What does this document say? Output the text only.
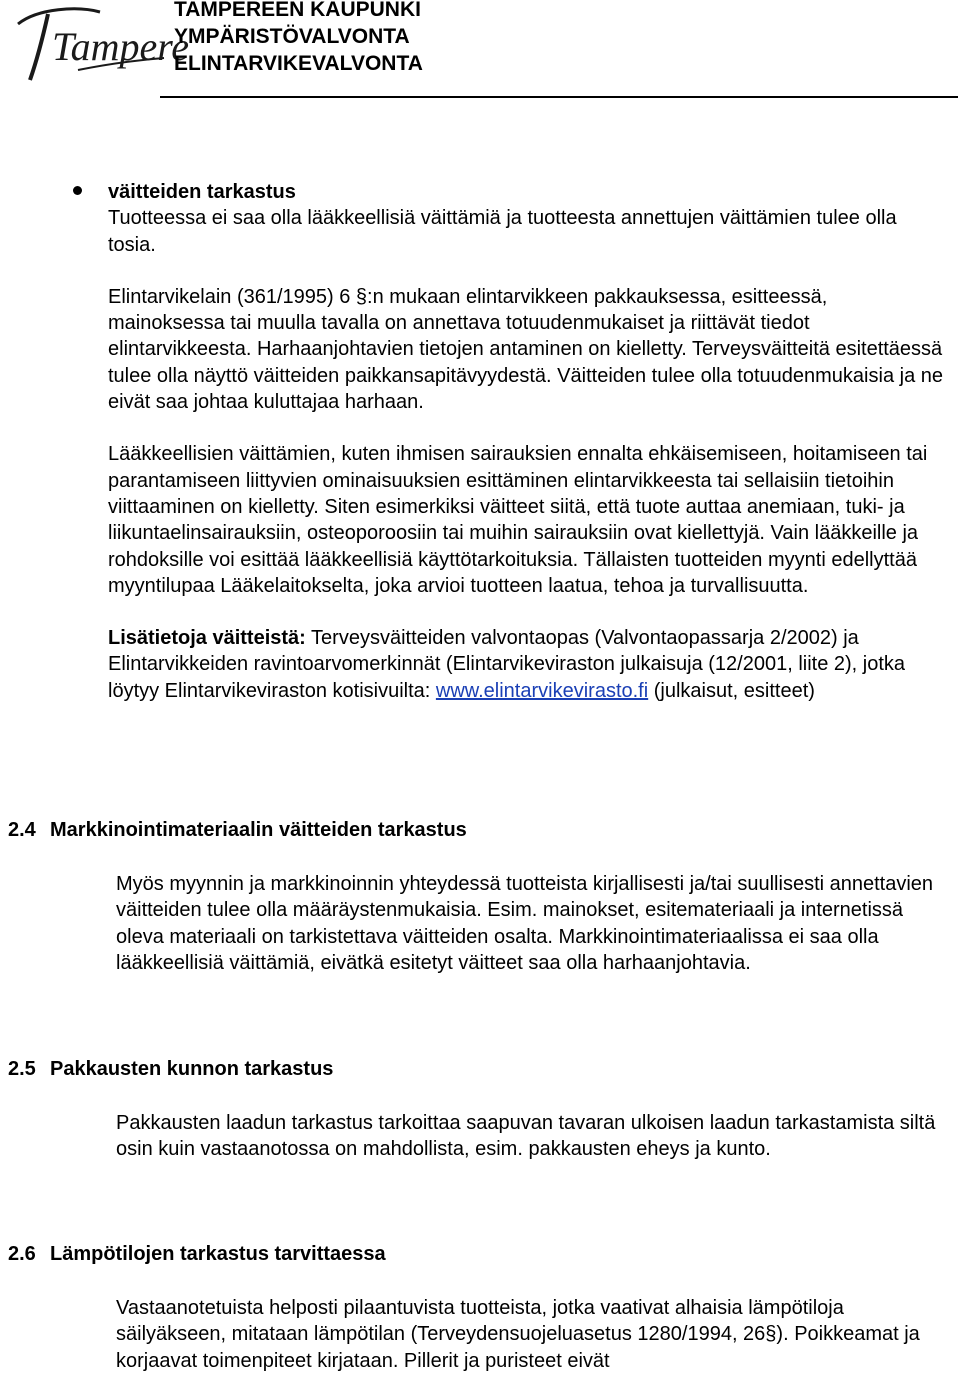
Tampere
TAMPEREEN KAUPUNKI
YMPÄRISTÖVALVONTA
ELINTARVIKEVALVONTA

väitteiden tarkastus

Tuotteessa ei saa olla lääkkeellisiä väittämiä ja tuotteesta annettujen väittämien tulee olla tosia.

Elintarvikelain (361/1995) 6 §:n mukaan elintarvikkeen pakkauksessa, esitteessä, mainoksessa tai muulla tavalla on annettava totuudenmukaiset ja riittävät tiedot elintarvikkeesta. Harhaanjohtavien tietojen antaminen on kielletty. Terveysväitteitä esitettäessä tulee olla näyttö väitteiden paikkansapitävyydestä. Väitteiden tulee olla totuudenmukaisia ja ne eivät saa johtaa kuluttajaa harhaan.

Lääkkeellisien väittämien, kuten ihmisen sairauksien ennalta ehkäisemiseen, hoitamiseen tai parantamiseen liittyvien ominaisuuksien esittäminen elintarvikkeesta tai sellaisiin tietoihin viittaaminen on kielletty. Siten esimerkiksi väitteet siitä, että tuote auttaa anemiaan, tuki- ja liikuntaelinsairauksiin, osteoporoosiin tai muihin sairauksiin ovat kiellettyjä. Vain lääkkeille ja rohdoksille voi esittää lääkkeellisiä käyttötarkoituksia. Tällaisten tuotteiden myynti edellyttää myyntilupaa Lääkelaitokselta, joka arvioi tuotteen laatua, tehoa ja turvallisuutta.

Lisätietoja väitteistä: Terveysväitteiden valvontaopas (Valvontaopassarja 2/2002) ja Elintarvikkeiden ravintoarvomerkinnät (Elintarvikeviraston julkaisuja (12/2001, liite 2), jotka löytyy Elintarvikeviraston kotisivuilta: www.elintarvikevirasto.fi (julkaisut, esitteet)

2.4 Markkinointimateriaalin väitteiden tarkastus

Myös myynnin ja markkinoinnin yhteydessä tuotteista kirjallisesti ja/tai suullisesti annettavien väitteiden tulee olla määräystenmukaisia. Esim. mainokset, esitemateriaali ja internetissä oleva materiaali on tarkistettava väitteiden osalta. Markkinointimateriaalissa ei saa olla lääkkeellisiä väittämiä, eivätkä esitetyt väitteet saa olla harhaanjohtavia.

2.5 Pakkausten kunnon tarkastus

Pakkausten laadun tarkastus tarkoittaa saapuvan tavaran ulkoisen laadun tarkastamista siltä osin kuin vastaanotossa on mahdollista, esim. pakkausten eheys ja kunto.

2.6 Lämpötilojen tarkastus tarvittaessa

Vastaanotetuista helposti pilaantuvista tuotteista, jotka vaativat alhaisia lämpötiloja säilyäkseen, mitataan lämpötilan (Terveydensuojeluasetus 1280/1994, 26§). Poikkeamat ja korjaavat toimenpiteet kirjataan. Pillerit ja puristeet eivät
